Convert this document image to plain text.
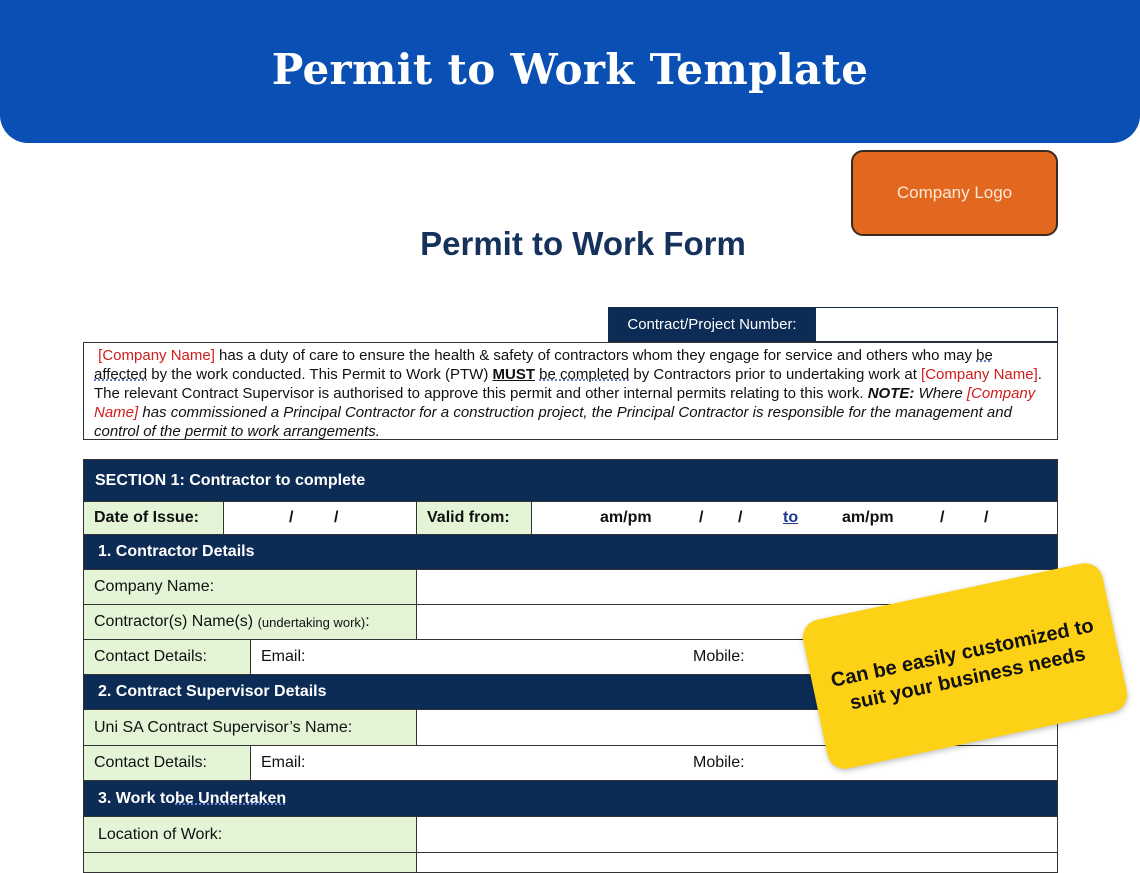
Permit to Work Template
Company Logo
Permit to Work Form
Contract/Project Number:
[Company Name] has a duty of care to ensure the health & safety of contractors whom they engage for service and others who may be affected by the work conducted. This Permit to Work (PTW) MUST be completed by Contractors prior to undertaking work at [Company Name]. The relevant Contract Supervisor is authorised to approve this permit and other internal permits relating to this work. NOTE: Where [Company Name] has commissioned a Principal Contractor for a construction project, the Principal Contractor is responsible for the management and control of the permit to work arrangements.
SECTION 1: Contractor to complete
Date of Issue:	/	/	Valid from:	am/pm	/ /	to	am/pm	/ /
1. Contractor Details
Company Name:
Contractor(s) Name(s)
(undertaking work) :
Contact Details:	Email:	Mobile:
2. Contract Supervisor Details
Uni SA Contract Supervisor’s Name:
Contact Details:	Email:	Mobile:
3. Work to be Undertaken
Location of Work:
Can be easily customized to suit your business needs
